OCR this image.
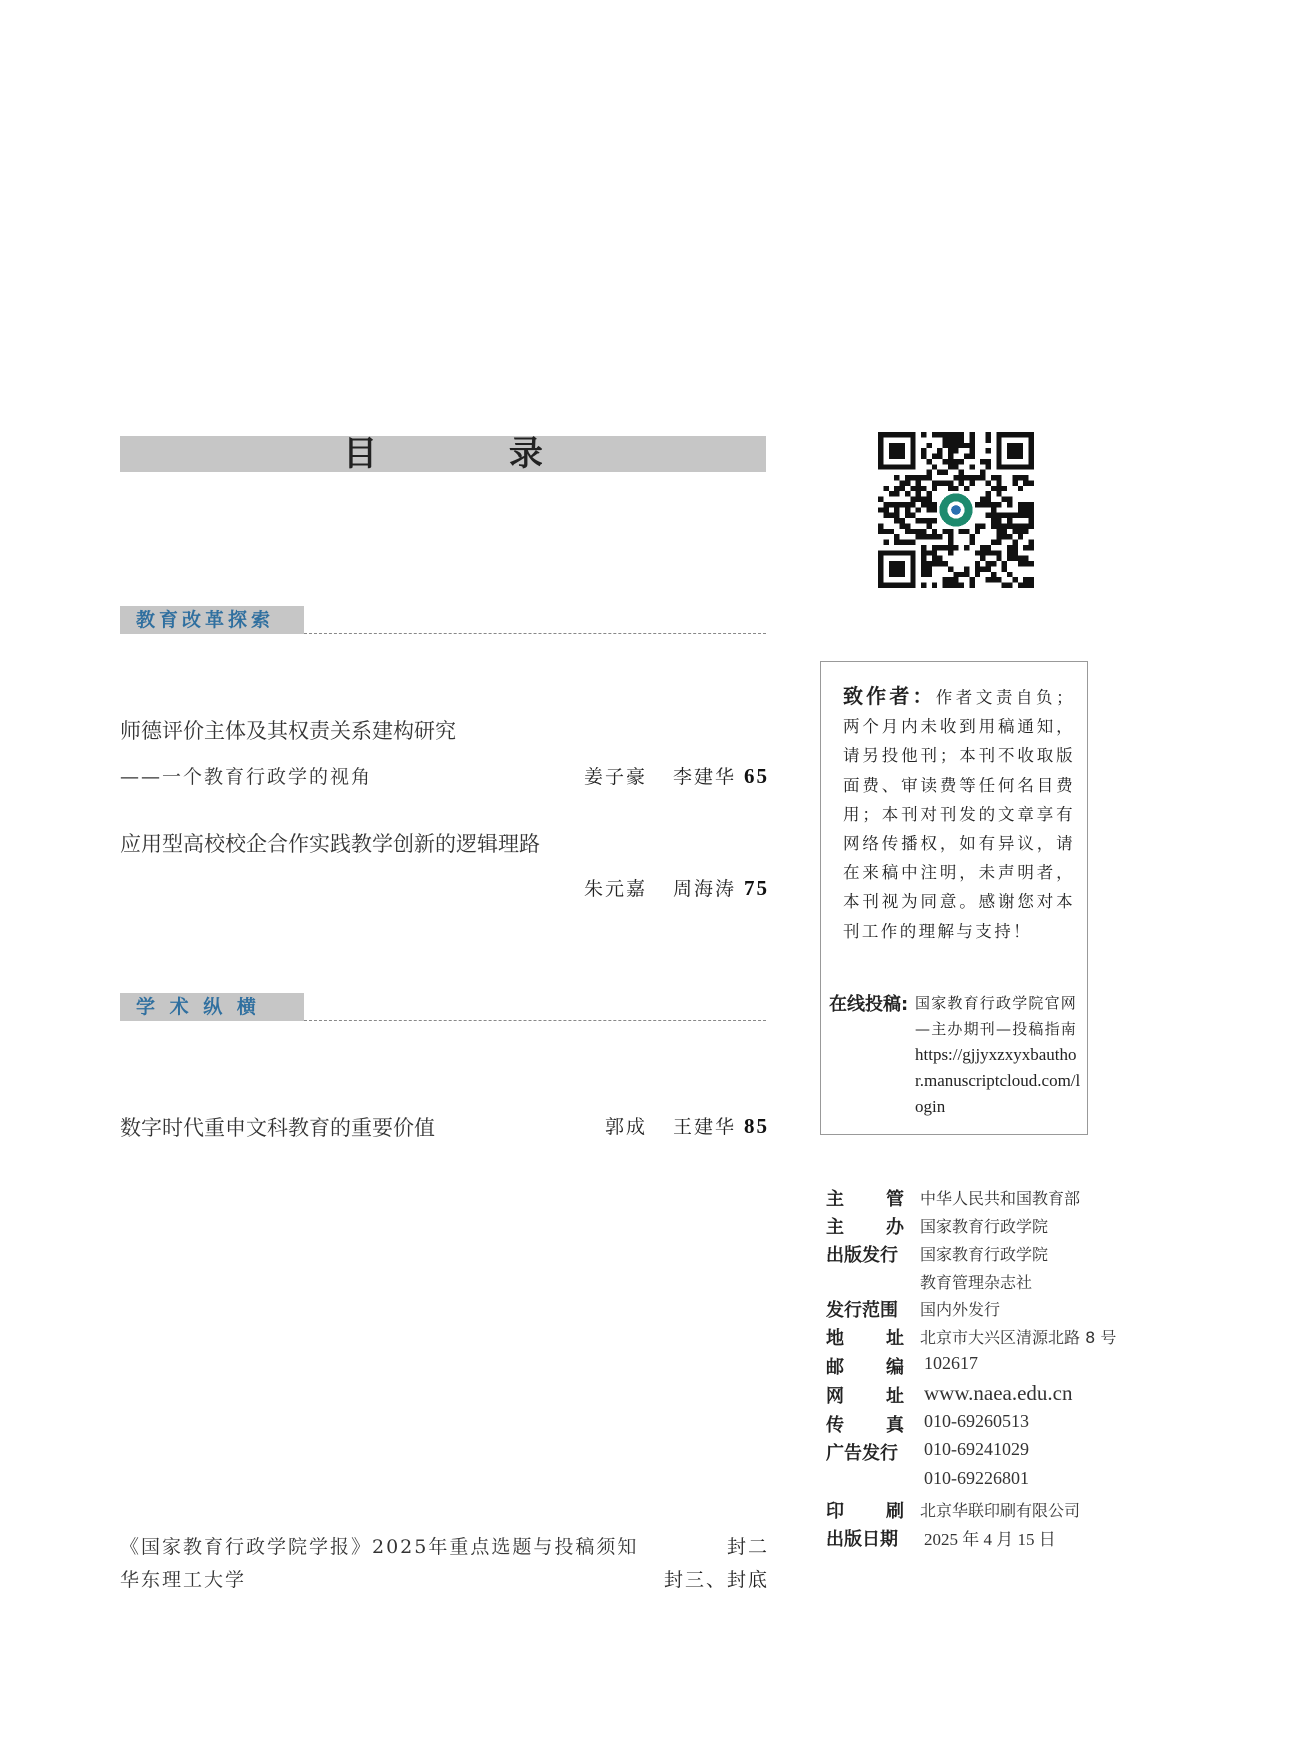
目 录
教育改革探索
师德评价主体及其权责关系建构研究
——一个教育行政学的视角	姜子豪 李建华 65
应用型高校校企合作实践教学创新的逻辑理路
朱元嘉 周海涛 75
学 术 纵 横
数字时代重申文科教育的重要价值	郭成 王建华 85
《国家教育行政学院学报》2025年重点选题与投稿须知	封二
华东理工大学	封三、封底
致作者：作者文责自负；两个月内未收到用稿通知，请另投他刊；本刊不收取版面费、审读费等任何名目费用；本刊对刊发的文章享有网络传播权，如有异议，请在来稿中注明，未声明者，本刊视为同意。感谢您对本刊工作的理解与支持！
在线投稿: 国家教育行政学院官网—主办期刊—投稿指南
https://gjjyxzxyxbauthor.manuscriptcloud.com/login
主 管 中华人民共和国教育部
主 办 国家教育行政学院
出版发行 国家教育行政学院
教育管理杂志社
发行范围 国内外发行
地 址 北京市大兴区清源北路 8 号
邮 编 102617
网 址 www.naea.edu.cn
传 真 010-69260513
广告发行 010-69241029
010-69226801
印 刷 北京华联印刷有限公司
出版日期 2025 年 4 月 15 日
